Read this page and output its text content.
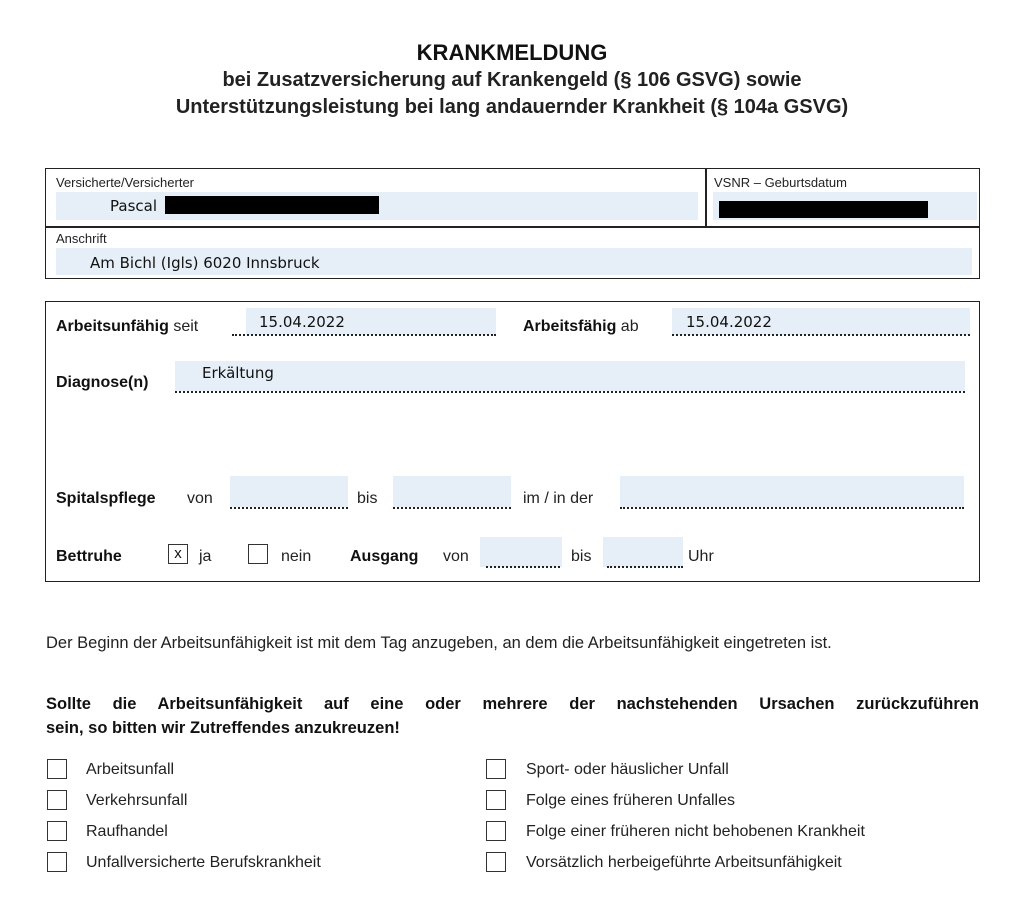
KRANKMELDUNG
bei Zusatzversicherung auf Krankengeld (§ 106 GSVG) sowie
Unterstützungsleistung bei lang andauernder Krankheit (§ 104a GSVG)
Versicherte/Versicherter
Pascal
VSNR – Geburtsdatum
Anschrift
Am Bichl (Igls) 6020 Innsbruck
Arbeitsunfähig seit	15.04.2022	Arbeitsfähig ab	15.04.2022
Diagnose(n)
Erkältung
Spitalspflege von	bis	im / in der
Bettruhe	x	ja	nein Ausgang von	bis	Uhr
Der Beginn der Arbeitsunfähigkeit ist mit dem Tag anzugeben, an dem die Arbeitsunfähigkeit eingetreten ist.
Sollte die Arbeitsunfähigkeit auf eine oder mehrere der nachstehenden Ursachen zurückzuführen
sein, so bitten wir Zutreffendes anzukreuzen!
Arbeitsunfall
Verkehrsunfall
Raufhandel
Unfallversicherte Berufskrankheit
Sport- oder häuslicher Unfall
Folge eines früheren Unfalles
Folge einer früheren nicht behobenen Krankheit
Vorsätzlich herbeigeführte Arbeitsunfähigkeit
